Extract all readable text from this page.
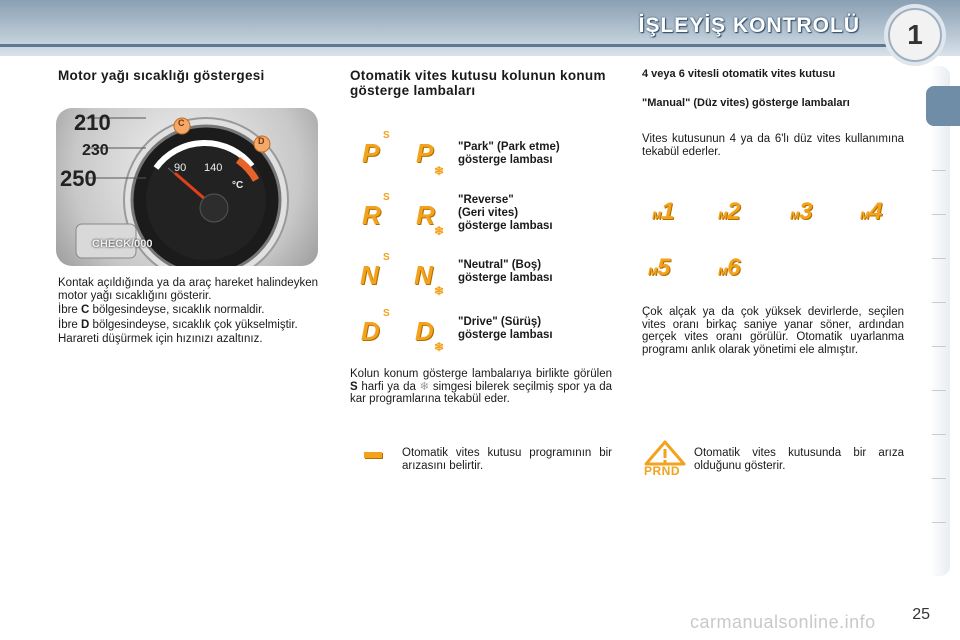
İŞLEYİŞ KONTROLÜ	1
Motor yağı sıcaklığı göstergesi
210
230
250
CHECK/000
90 140
°C
C
D

Kontak açıldığında ya da araç hareket halindeyken motor yağı sıcaklığını gösterir.

İbre C bölgesindeyse, sıcaklık normaldir.

İbre D bölgesindeyse, sıcaklık çok yükselmiştir.

Harareti düşürmek için hızınızı azaltınız.

Otomatik vites kutusu kolunun konum gösterge lambaları
S
P P
❄
"Park" (Park etme)
gösterge lambası
S
R R
❄
"Reverse"
(Geri vites)
gösterge lambası
S
N N
❄
"Neutral" (Boş)
gösterge lambası
S
D D
❄
"Drive" (Sürüş)
gösterge lambası
Kolun konum gösterge lambalarıya birlikte görülen S harfi ya da ❄ simgesi bilerek seçilmiş spor ya da kar programlarına tekabül eder.
Otomatik vites kutusu programının bir arızasını belirtir.
4 veya 6 vitesli otomatik vites kutusu
"Manual" (Düz vites) gösterge lambaları
Vites kutusunun 4 ya da 6'lı düz vites kullanımına tekabül ederler.
M1	M2	M3	M4
M5	M6
Çok alçak ya da çok yüksek devirlerde, seçilen vites oranı birkaç saniye yanar söner, ardından gerçek vites oranı görülür. Otomatik uyarlanma programı anlık olarak yönetimi ele almıştır.
PRND
Otomatik vites kutusunda bir arıza olduğunu gösterir.
25
carmanualsonline.info
